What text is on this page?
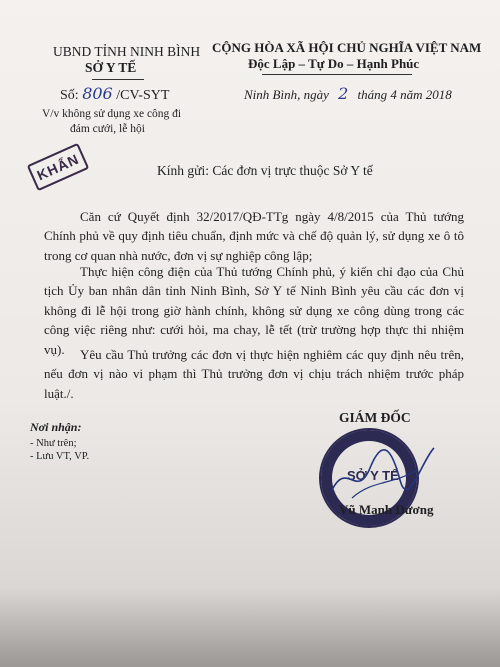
UBND TỈNH NINH BÌNH
SỞ Y TẾ
Số: 806 /CV-SYT
V/v không sử dụng xe công đi
đám cưới, lễ hội
CỘNG HÒA XÃ HỘI CHỦ NGHĨA VIỆT NAM
Độc Lập – Tự Do – Hạnh Phúc
Ninh Bình, ngày 2 tháng 4 năm 2018
KHẨN	Kính gửi: Các đơn vị trực thuộc Sở Y tế
Căn cứ Quyết định 32/2017/QĐ-TTg ngày 4/8/2015 của Thủ tướng Chính phủ về quy định tiêu chuẩn, định mức và chế độ quản lý, sử dụng xe ô tô trong cơ quan nhà nước, đơn vị sự nghiệp công lập;
Thực hiện công điện của Thủ tướng Chính phủ, ý kiến chỉ đạo của Chủ tịch Ủy ban nhân dân tỉnh Ninh Bình, Sở Y tế Ninh Bình yêu cầu các đơn vị không đi lễ hội trong giờ hành chính, không sử dụng xe công dùng trong các công việc riêng như: cưới hỏi, ma chay, lễ tết (trừ trường hợp thực thi nhiệm vụ).	Yêu cầu Thủ trưởng các đơn vị thực hiện nghiêm các quy định nêu trên, nếu đơn vị nào vi phạm thì Thủ trưởng đơn vị chịu trách nhiệm trước pháp luật./.
Nơi nhận:
- Như trên;
- Lưu VT, VP.
GIÁM ĐỐC
SỞ Y TẾ
Vũ Mạnh Dương
